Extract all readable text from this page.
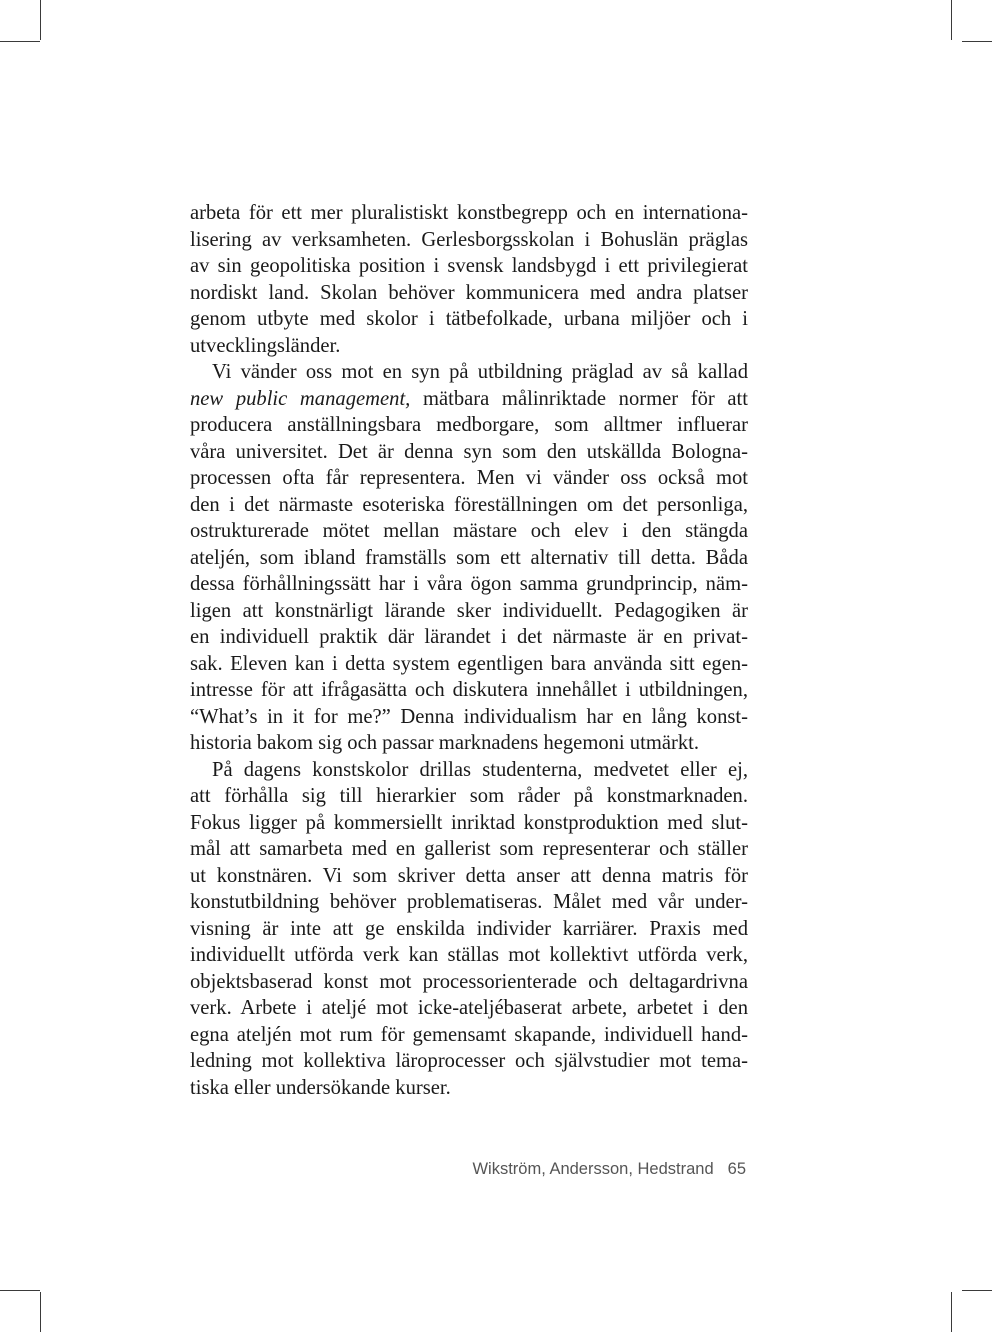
arbeta för ett mer pluralistiskt konstbegrepp och en internationa-
lisering av verksamheten. Gerlesborgsskolan i Bohuslän präglas
av sin geopolitiska position i svensk landsbygd i ett privilegierat
nordiskt land. Skolan behöver kommunicera med andra platser
genom utbyte med skolor i tätbefolkade, urbana miljöer och i
utvecklingsländer.
Vi vänder oss mot en syn på utbildning präglad av så kallad
new public management, mätbara målinriktade normer för att
producera anställningsbara medborgare, som alltmer influerar
våra universitet. Det är denna syn som den utskällda Bologna-
processen ofta får representera. Men vi vänder oss också mot
den i det närmaste esoteriska föreställningen om det personliga,
ostrukturerade mötet mellan mästare och elev i den stängda
ateljén, som ibland framställs som ett alternativ till detta. Båda
dessa förhållningssätt har i våra ögon samma grundprincip, näm-
ligen att konstnärligt lärande sker individuellt. Pedagogiken är
en individuell praktik där lärandet i det närmaste är en privat-
sak. Eleven kan i detta system egentligen bara använda sitt egen-
intresse för att ifrågasätta och diskutera innehållet i utbildningen,
“What’s in it for me?” Denna individualism har en lång konst-
historia bakom sig och passar marknadens hegemoni utmärkt.
På dagens konstskolor drillas studenterna, medvetet eller ej,
att förhålla sig till hierarkier som råder på konstmarknaden.
Fokus ligger på kommersiellt inriktad konstproduktion med slut-
mål att samarbeta med en gallerist som representerar och ställer
ut konstnären. Vi som skriver detta anser att denna matris för
konstutbildning behöver problematiseras. Målet med vår under-
visning är inte att ge enskilda individer karriärer. Praxis med
individuellt utförda verk kan ställas mot kollektivt utförda verk,
objektsbaserad konst mot processorienterade och deltagardrivna
verk. Arbete i ateljé mot icke-ateljébaserat arbete, arbetet i den
egna ateljén mot rum för gemensamt skapande, individuell hand-
ledning mot kollektiva läroprocesser och självstudier mot tema-
tiska eller undersökande kurser.
Wikström, Andersson, Hedstrand 65
